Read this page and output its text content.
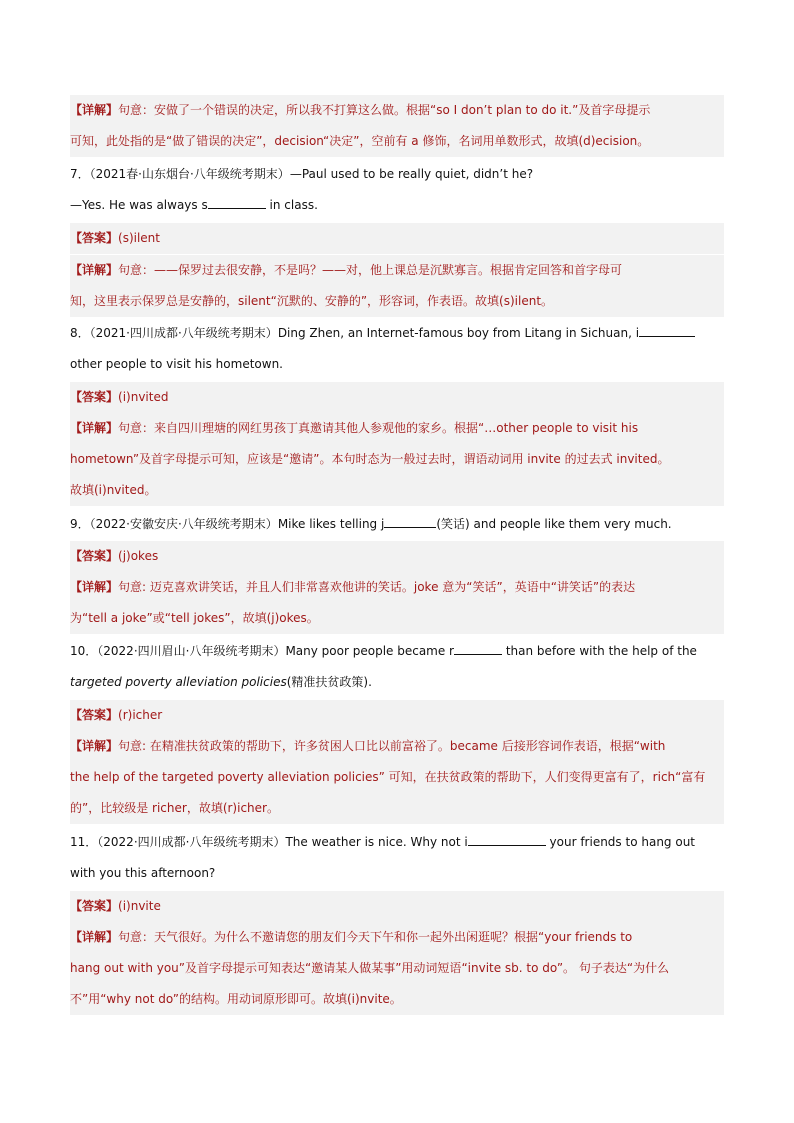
【详解】句意：安做了一个错误的决定，所以我不打算这么做。根据“so I don’t plan to do it.”及首字母提示
可知，此处指的是“做了错误的决定”，decision“决定”，空前有 a 修饰，名词用单数形式，故填(d)ecision。
7．（2021春·山东烟台·八年级统考期末）—Paul used to be really quiet, didn’t he?
—Yes. He was always s	in class.
【答案】(s)ilent
【详解】句意：——保罗过去很安静，不是吗？——对，他上课总是沉默寡言。根据肯定回答和首字母可
知，这里表示保罗总是安静的，silent“沉默的、安静的”，形容词，作表语。故填(s)ilent。
8．（2021·四川成都·八年级统考期末）Ding Zhen, an Internet-famous boy from Litang in Sichuan, i
other people to visit his hometown.
【答案】(i)nvited
【详解】句意：来自四川理塘的网红男孩丁真邀请其他人参观他的家乡。根据“…other people to visit his
hometown”及首字母提示可知，应该是“邀请”。本句时态为一般过去时，谓语动词用 invite 的过去式 invited。
故填(i)nvited。
9．（2022·安徽安庆·八年级统考期末）Mike likes telling j	(笑话) and people like them very much.
【答案】(j)okes
【详解】句意: 迈克喜欢讲笑话，并且人们非常喜欢他讲的笑话。joke 意为“笑话”，英语中“讲笑话”的表达
为“tell a joke”或“tell jokes”，故填(j)okes。
10．（2022·四川眉山·八年级统考期末）Many poor people became r	than before with the help of the
targeted poverty alleviation policies(精准扶贫政策).
【答案】(r)icher
【详解】句意: 在精准扶贫政策的帮助下，许多贫困人口比以前富裕了。became 后接形容词作表语，根据“with
the help of the targeted poverty alleviation policies” 可知，在扶贫政策的帮助下，人们变得更富有了，rich“富有
的”，比较级是 richer，故填(r)icher。
11．（2022·四川成都·八年级统考期末）The weather is nice. Why not i	your friends to hang out
with you this afternoon?
【答案】(i)nvite
【详解】句意：天气很好。为什么不邀请您的朋友们今天下午和你一起外出闲逛呢？根据“your friends to
hang out with you”及首字母提示可知表达“邀请某人做某事”用动词短语“invite sb. to do”。 句子表达“为什么
不”用“why not do”的结构。用动词原形即可。故填(i)nvite。
